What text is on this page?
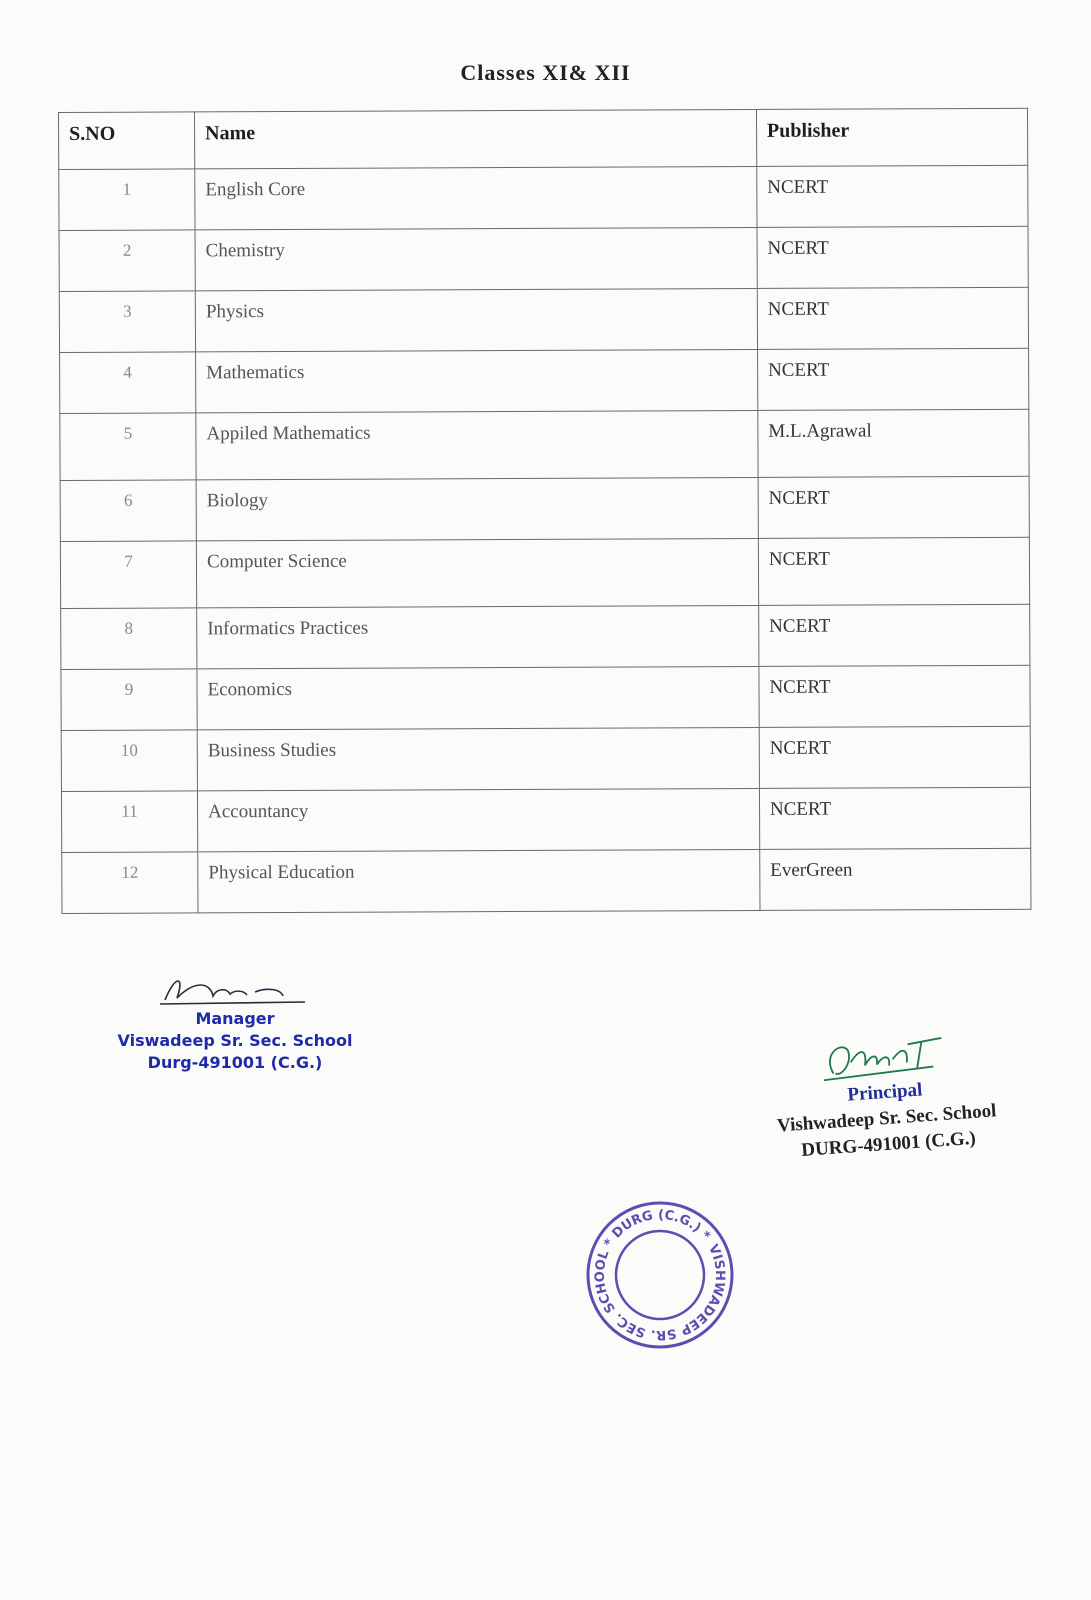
Classes XI& XII
S.NO	Name	Publisher
1	English Core	NCERT
2	Chemistry	NCERT
3	Physics	NCERT
4	Mathematics	NCERT
5	Appiled Mathematics	M.L.Agrawal
6	Biology	NCERT
7	Computer Science	NCERT
8	Informatics Practices	NCERT
9	Economics	NCERT
10	Business Studies	NCERT
11	Accountancy	NCERT
12	Physical Education	EverGreen
Manager
Viswadeep Sr. Sec. School
Durg-491001 (C.G.)
Principal
Vishwadeep Sr. Sec. School
DURG-491001 (C.G.)
VISHWADEEP SR. SEC. SCHOOL * DURG (C.G.) *
